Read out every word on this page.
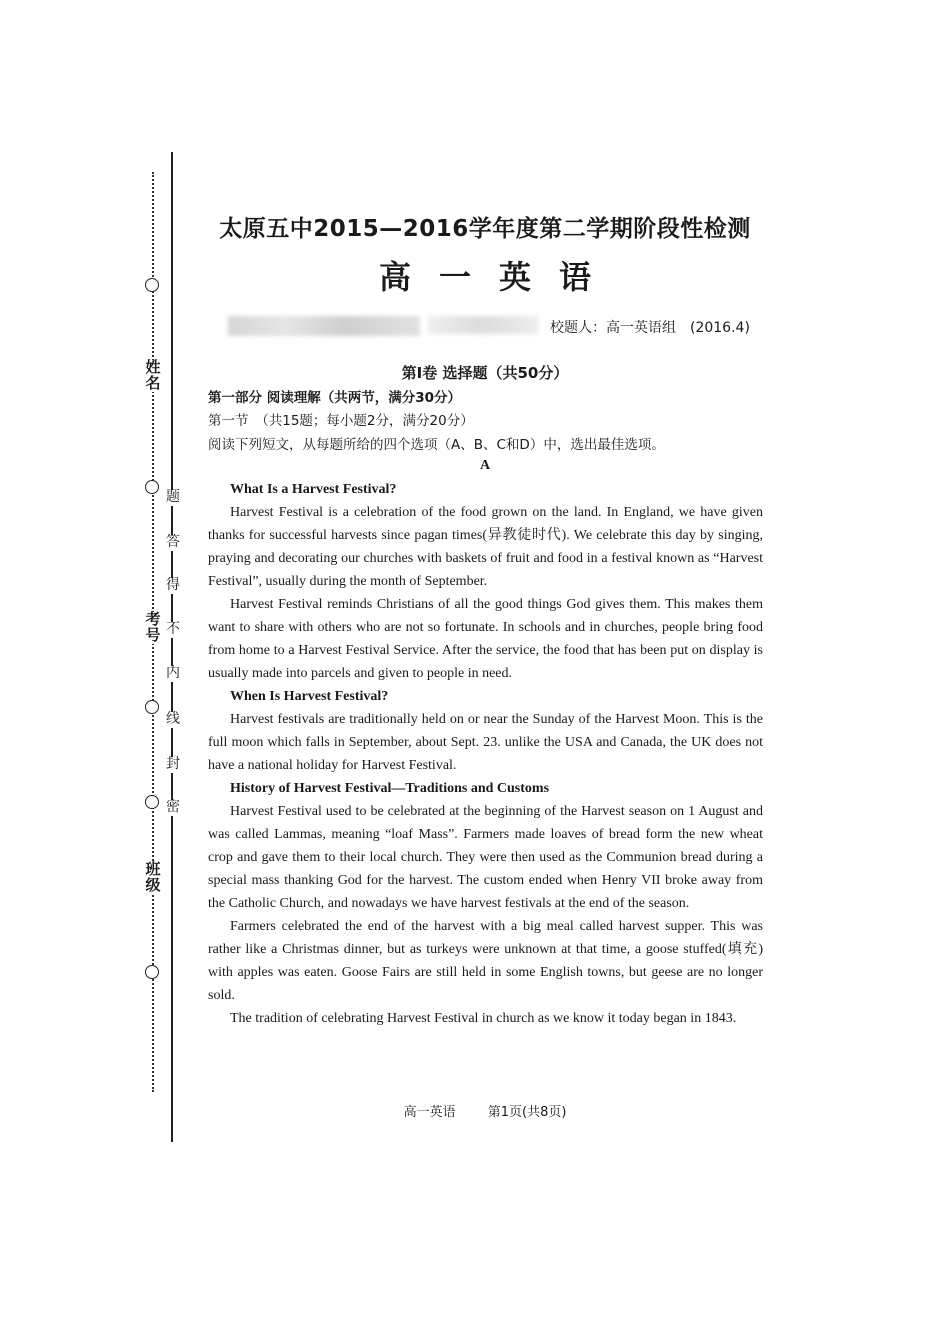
姓名
考号
班级
题
答
得
不
内
线
封
密
太原五中2015—2016学年度第二学期阶段性检测
高一英语
校题人：高一英语组　(2016.4)
第Ⅰ卷 选择题（共50分）
第一部分 阅读理解（共两节，满分30分）
第一节　（共15题；每小题2分，满分20分）
阅读下列短文，从每题所给的四个选项（A、B、C和D）中，选出最佳选项。
A
What Is a Harvest Festival?

Harvest Festival is a celebration of the food grown on the land. In England, we have given thanks for successful harvests since pagan times(异教徒时代). We celebrate this day by singing, praying and decorating our churches with baskets of fruit and food in a festival known as “Harvest Festival”, usually during the month of September.

Harvest Festival reminds Christians of all the good things God gives them. This makes them want to share with others who are not so fortunate. In schools and in churches, people bring food from home to a Harvest Festival Service. After the service, the food that has been put on display is usually made into parcels and given to people in need.

When Is Harvest Festival?

Harvest festivals are traditionally held on or near the Sunday of the Harvest Moon. This is the full moon which falls in September, about Sept. 23. unlike the USA and Canada, the UK does not have a national holiday for Harvest Festival.

History of Harvest Festival—Traditions and Customs

Harvest Festival used to be celebrated at the beginning of the Harvest season on 1 August and was called Lammas, meaning “loaf Mass”. Farmers made loaves of bread form the new wheat crop and gave them to their local church. They were then used as the Communion bread during a special mass thanking God for the harvest. The custom ended when Henry VII broke away from the Catholic Church, and nowadays we have harvest festivals at the end of the season.

Farmers celebrated the end of the harvest with a big meal called harvest supper. This was rather like a Christmas dinner, but as turkeys were unknown at that time, a goose stuffed(填充) with apples was eaten. Goose Fairs are still held in some English towns, but geese are no longer sold.

The tradition of celebrating Harvest Festival in church as we know it today began in 1843.

高一英语 第1页(共8页)
